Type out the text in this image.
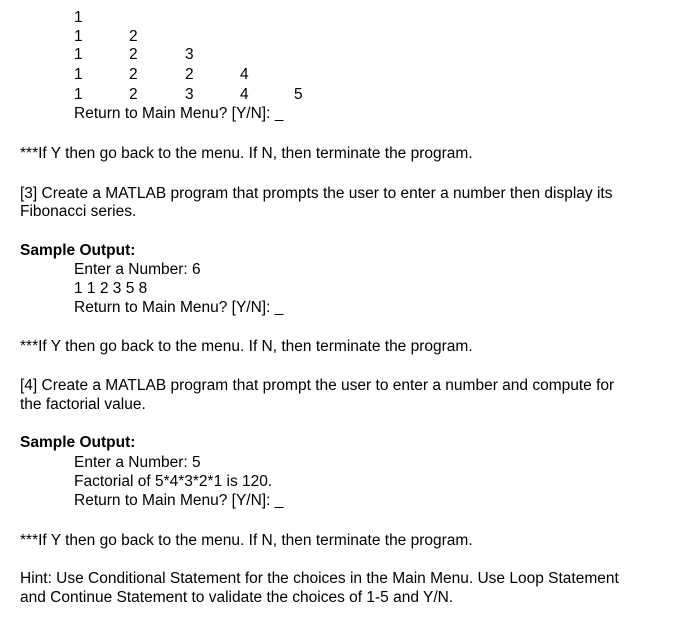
1
1	2
1	2	3
1	2	2	4
1	2	3	4	5
Return to Main Menu? [Y/N]: _
***If Y then go back to the menu. If N, then terminate the program.
[3] Create a MATLAB program that prompts the user to enter a number then display its
Fibonacci series.
Sample Output:
Enter a Number: 6
1 1 2 3 5 8
Return to Main Menu? [Y/N]: _
***If Y then go back to the menu. If N, then terminate the program.
[4] Create a MATLAB program that prompt the user to enter a number and compute for
the factorial value.
Sample Output:
Enter a Number: 5
Factorial of 5*4*3*2*1 is 120.
Return to Main Menu? [Y/N]: _
***If Y then go back to the menu. If N, then terminate the program.
Hint: Use Conditional Statement for the choices in the Main Menu. Use Loop Statement
and Continue Statement to validate the choices of 1-5 and Y/N.
